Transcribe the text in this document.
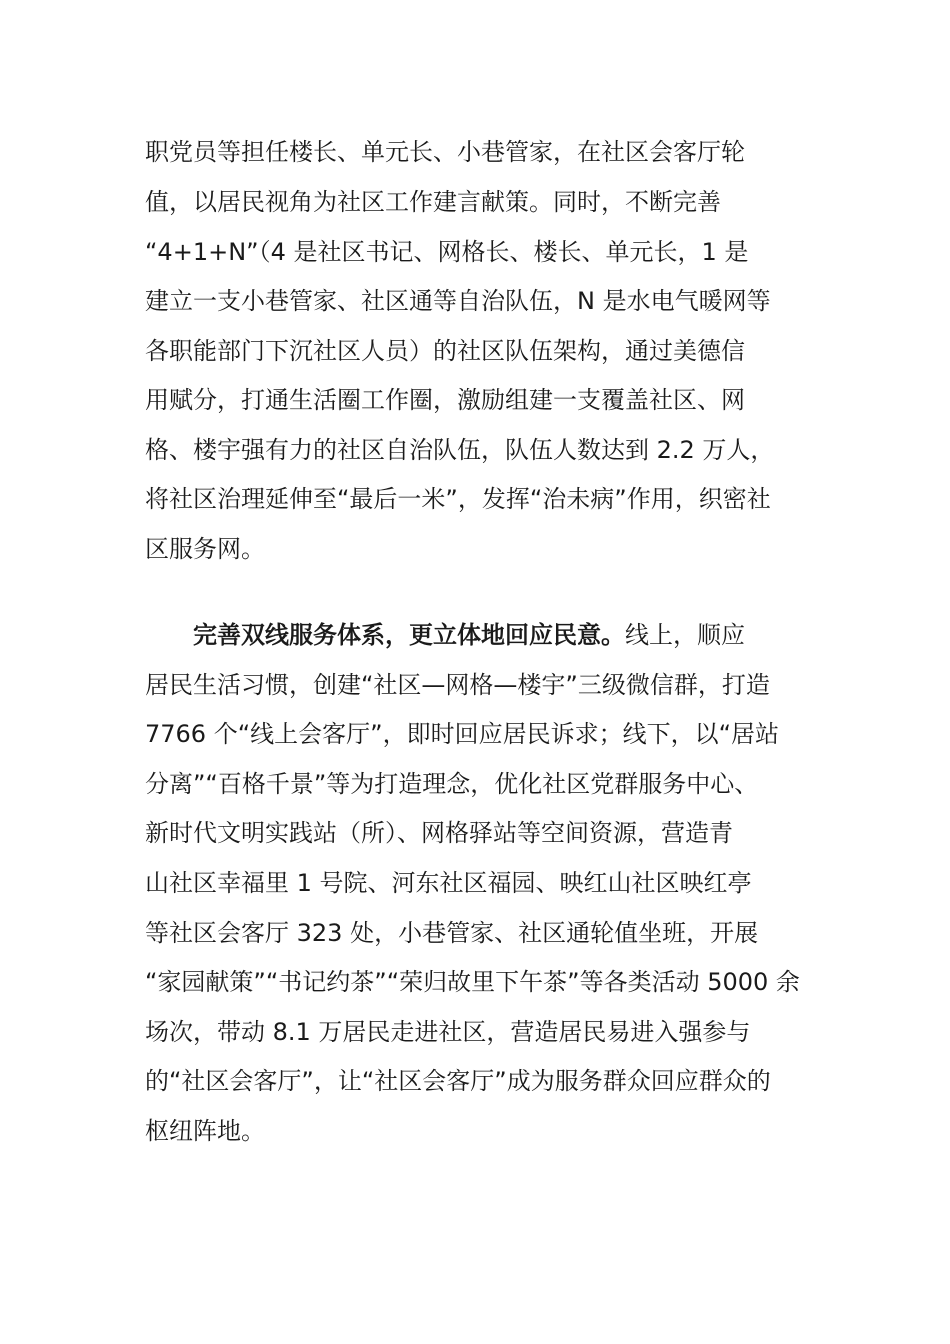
职党员等担任楼长、单元长、小巷管家，在社区会客厅轮
值，以居民视角为社区工作建言献策。同时，不断完善
“4+1+N”（4 是社区书记、网格长、楼长、单元长，1 是
建立一支小巷管家、社区通等自治队伍，N 是水电气暖网等
各职能部门下沉社区人员）的社区队伍架构，通过美德信
用赋分，打通生活圈工作圈，激励组建一支覆盖社区、网
格、楼宇强有力的社区自治队伍，队伍人数达到 2.2 万人，
将社区治理延伸至“最后一米”，发挥“治未病”作用，织密社
区服务网。
完善双线服务体系，更立体地回应民意。线上，顺应
居民生活习惯，创建“社区—网格—楼宇”三级微信群，打造
7766 个“线上会客厅”，即时回应居民诉求；线下，以“居站
分离”“百格千景”等为打造理念，优化社区党群服务中心、
新时代文明实践站（所）、网格驿站等空间资源，营造青
山社区幸福里 1 号院、河东社区福园、映红山社区映红亭
等社区会客厅 323 处，小巷管家、社区通轮值坐班，开展
“家园献策”“书记约茶”“荣归故里下午茶”等各类活动 5000 余
场次，带动 8.1 万居民走进社区，营造居民易进入强参与
的“社区会客厅”，让“社区会客厅”成为服务群众回应群众的
枢纽阵地。
